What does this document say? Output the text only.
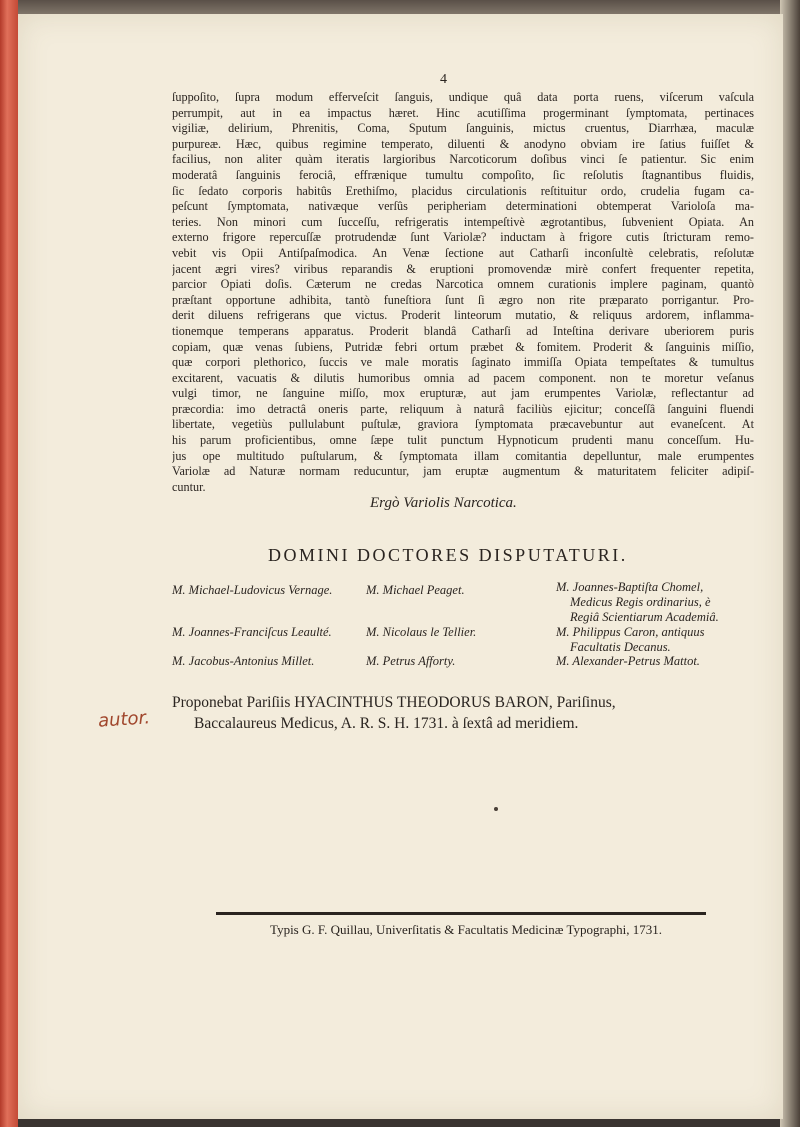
4
ſuppoſito, ſupra modum efferveſcit ſanguis, undique quâ data porta ruens, viſcerum vaſcula
perrumpit, aut in ea impactus hæret. Hinc acutiſſima progerminant ſymptomata, pertinaces
vigiliæ, delirium, Phrenitis, Coma, Sputum ſanguinis, mictus cruentus, Diarrhæa, maculæ
purpureæ. Hæc, quibus regimine temperato, diluenti & anodyno obviam ire ſatius fuiſſet &
facilius, non aliter quàm iteratis largioribus Narcoticorum doſibus vinci ſe patientur. Sic enim
moderatâ ſanguinis ferociâ, effrænique tumultu compoſito, ſic reſolutis ſtagnantibus fluidis,
ſic ſedato corporis habitûs Erethiſmo, placidus circulationis reſtituitur ordo, crudelia fugam ca-
peſcunt ſymptomata, nativæque verſûs peripheriam determinationi obtemperat Varioloſa ma-
teries. Non minori cum ſucceſſu, refrigeratis intempeſtivè ægrotantibus, ſubvenient Opiata. An
externo frigore repercuſſæ protrudendæ ſunt Variolæ? inductam à frigore cutis ſtricturam remo-
vebit vis Opii Antiſpaſmodica. An Venæ ſectione aut Catharſi inconſultè celebratis, reſolutæ
jacent ægri vires? viribus reparandis & eruptioni promovendæ mirè confert frequenter repetita,
parcior Opiati doſis. Cæterum ne credas Narcotica omnem curationis implere paginam, quantò
præſtant opportune adhibita, tantò funeſtiora ſunt ſi ægro non rite præparato porrigantur. Pro-
derit diluens refrigerans que victus. Proderit linteorum mutatio, & reliquus ardorem, inflamma-
tionemque temperans apparatus. Proderit blandâ Catharſi ad Inteſtina derivare uberiorem puris
copiam, quæ venas ſubiens, Putridæ febri ortum præbet & fomitem. Proderit & ſanguinis miſſio,
quæ corpori plethorico, ſuccis ve male moratis ſaginato immiſſa Opiata tempeſtates & tumultus
excitarent, vacuatis & dilutis humoribus omnia ad pacem component. non te moretur veſanus
vulgi timor, ne ſanguine miſſo, mox erupturæ, aut jam erumpentes Variolæ, reflectantur ad
præcordia: imo detractâ oneris parte, reliquum à naturâ faciliùs ejicitur; conceſſâ ſanguini fluendi
libertate, vegetiùs pullulabunt puſtulæ, graviora ſymptomata præcavebuntur aut evaneſcent. At
his parum proficientibus, omne ſæpe tulit punctum Hypnoticum prudenti manu conceſſum. Hu-
jus ope multitudo puſtularum, & ſymptomata illam comitantia depelluntur, male erumpentes
Variolæ ad Naturæ normam reducuntur, jam eruptæ augmentum & maturitatem feliciter adipiſ-
cuntur.
Ergò Variolis Narcotica.
DOMINI DOCTORES DISPUTATURI.
M. Michael-Ludovicus Vernage.	M. Michael Peaget.	M. Joannes-Baptiſta Chomel,
Medicus Regis ordinarius, è
Regiâ Scientiarum Academiâ.
M. Joannes-Franciſcus Leaulté.	M. Nicolaus le Tellier.	M. Philippus Caron, antiquus
Facultatis Decanus.
M. Jacobus-Antonius Millet.	M. Petrus Afforty.	M. Alexander-Petrus Mattot.
autor.
Proponebat Pariſiis HYACINTHUS THEODORUS BARON, Pariſinus,
Baccalaureus Medicus, A. R. S. H. 1731. à ſextâ ad meridiem.
Typis G. F. Quillau, Univerſitatis & Facultatis Medicinæ Typographi, 1731.
